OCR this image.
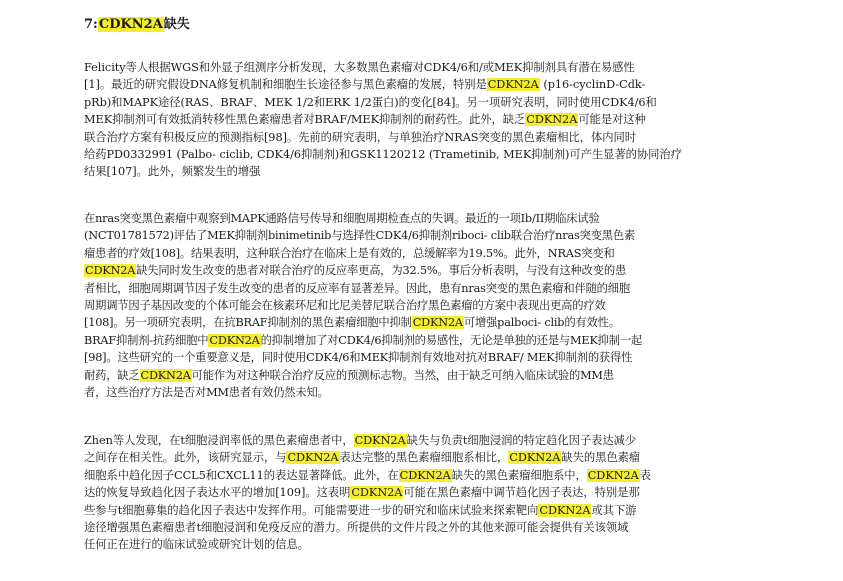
7:CDKN2A缺失
Felicity等人根据WGS和外显子组测序分析发现，大多数黑色素瘤对CDK4/6和/或MEK抑制剂具有潜在易感性
[1]。最近的研究假设DNA修复机制和细胞生长途径参与黑色素瘤的发展，特别是CDKN2A (p16-cyclinD-Cdk-
pRb)和MAPK途径(RAS、BRAF、MEK 1/2和ERK 1/2蛋白)的变化[84]。另一项研究表明，同时使用CDK4/6和
MEK抑制剂可有效抵消转移性黑色素瘤患者对BRAF/MEK抑制剂的耐药性。此外，缺乏CDKN2A可能是对这种
联合治疗方案有积极反应的预测指标[98]。先前的研究表明，与单独治疗NRAS突变的黑色素瘤相比，体内同时
给药PD0332991 (Palbo- ciclib, CDK4/6抑制剂)和GSK1120212 (Trametinib, MEK抑制剂)可产生显著的协同治疗
结果[107]。此外，频繁发生的增强
在nras突变黑色素瘤中观察到MAPK通路信号传导和细胞周期检查点的失调。最近的一项Ib/II期临床试验
(NCT01781572)评估了MEK抑制剂binimetinib与选择性CDK4/6抑制剂riboci- clib联合治疗nras突变黑色素
瘤患者的疗效[108]。结果表明，这种联合治疗在临床上是有效的，总缓解率为19.5%。此外，NRAS突变和
CDKN2A缺失同时发生改变的患者对联合治疗的反应率更高，为32.5%。事后分析表明，与没有这种改变的患
者相比，细胞周期调节因子发生改变的患者的反应率有显著差异。因此，患有nras突变的黑色素瘤和伴随的细胞
周期调节因子基因改变的个体可能会在核素环尼和比尼美替尼联合治疗黑色素瘤的方案中表现出更高的疗效
[108]。另一项研究表明，在抗BRAF抑制剂的黑色素瘤细胞中抑制CDKN2A可增强palboci- clib的有效性。
BRAF抑制剂-抗药细胞中CDKN2A的抑制增加了对CDK4/6抑制剂的易感性，无论是单独的还是与MEK抑制一起
[98]。这些研究的一个重要意义是，同时使用CDK4/6和MEK抑制剂有效地对抗对BRAF/ MEK抑制剂的获得性
耐药，缺乏CDKN2A可能作为对这种联合治疗反应的预测标志物。当然，由于缺乏可纳入临床试验的MM患
者，这些治疗方法是否对MM患者有效仍然未知。
Zhen等人发现，在t细胞浸润率低的黑色素瘤患者中，CDKN2A缺失与负责t细胞浸润的特定趋化因子表达减少
之间存在相关性。此外，该研究显示，与CDKN2A表达完整的黑色素瘤细胞系相比，CDKN2A缺失的黑色素瘤
细胞系中趋化因子CCL5和CXCL11的表达显著降低。此外，在CDKN2A缺失的黑色素瘤细胞系中，CDKN2A表
达的恢复导致趋化因子表达水平的增加[109]。这表明CDKN2A可能在黑色素瘤中调节趋化因子表达，特别是那
些参与t细胞募集的趋化因子表达中发挥作用。可能需要进一步的研究和临床试验来探索靶向CDKN2A或其下游
途径增强黑色素瘤患者t细胞浸润和免疫反应的潜力。所提供的文件片段之外的其他来源可能会提供有关该领域
任何正在进行的临床试验或研究计划的信息。
